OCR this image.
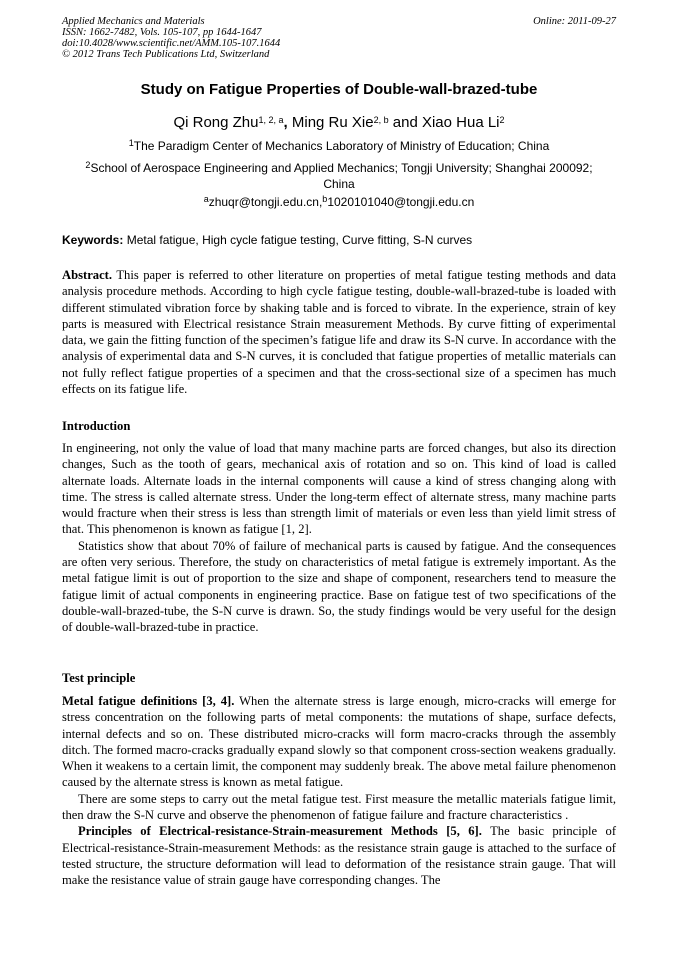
Applied Mechanics and Materials
ISSN: 1662-7482, Vols. 105-107, pp 1644-1647
doi:10.4028/www.scientific.net/AMM.105-107.1644
© 2012 Trans Tech Publications Ltd, Switzerland
Online: 2011-09-27
Study on Fatigue Properties of Double-wall-brazed-tube
Qi Rong Zhu$^{1, 2, a}$, Ming Ru Xie$^{2, b}$ and Xiao Hua Li$^2$
$^1$The Paradigm Center of Mechanics Laboratory of Ministry of Education; China
$^2$School of Aerospace Engineering and Applied Mechanics; Tongji University; Shanghai 200092;
China
$^a$zhuqr@tongji.edu.cn,$^b$1020101040@tongji.edu.cn
Keywords: Metal fatigue, High cycle fatigue testing, Curve fitting, S-N curves

Abstract. This paper is referred to other literature on properties of metal fatigue testing methods and data analysis procedure methods. According to high cycle fatigue testing, double-wall-brazed-tube is loaded with different stimulated vibration force by shaking table and is forced to vibrate. In the experience, strain of key parts is measured with Electrical resistance Strain measurement Methods. By curve fitting of experimental data, we gain the fitting function of the specimen’s fatigue life and draw its S-N curve. In accordance with the analysis of experimental data and S-N curves, it is concluded that fatigue properties of metallic materials can not fully reflect fatigue properties of a specimen and that the cross-sectional size of a specimen has much effects on its fatigue life.

Introduction

In engineering, not only the value of load that many machine parts are forced changes, but also its direction changes, Such as the tooth of gears, mechanical axis of rotation and so on. This kind of load is called alternate loads. Alternate loads in the internal components will cause a kind of stress changing along with time. The stress is called alternate stress. Under the long-term effect of alternate stress, many machine parts would fracture when their stress is less than strength limit of materials or even less than yield limit stress of that. This phenomenon is known as fatigue [1, 2].

Statistics show that about 70% of failure of mechanical parts is caused by fatigue. And the consequences are often very serious. Therefore, the study on characteristics of metal fatigue is extremely important. As the metal fatigue limit is out of proportion to the size and shape of component, researchers tend to measure the fatigue limit of actual components in engineering practice. Base on fatigue test of two specifications of the double-wall-brazed-tube, the S-N curve is drawn. So, the study findings would be very useful for the design of double-wall-brazed-tube in practice.

Test principle

Metal fatigue definitions [3, 4]. When the alternate stress is large enough, micro-cracks will emerge for stress concentration on the following parts of metal components: the mutations of shape, surface defects, internal defects and so on. These distributed micro-cracks will form macro-cracks through the assembly ditch. The formed macro-cracks gradually expand slowly so that component cross-section weakens gradually. When it weakens to a certain limit, the component may suddenly break. The above metal failure phenomenon caused by the alternate stress is known as metal fatigue.

There are some steps to carry out the metal fatigue test. First measure the metallic materials fatigue limit, then draw the S-N curve and observe the phenomenon of fatigue failure and fracture characteristics .

Principles of Electrical-resistance-Strain-measurement Methods [5, 6]. The basic principle of Electrical-resistance-Strain-measurement Methods: as the resistance strain gauge is attached to the surface of tested structure, the structure deformation will lead to deformation of the resistance strain gauge. That will make the resistance value of strain gauge have corresponding changes. The
